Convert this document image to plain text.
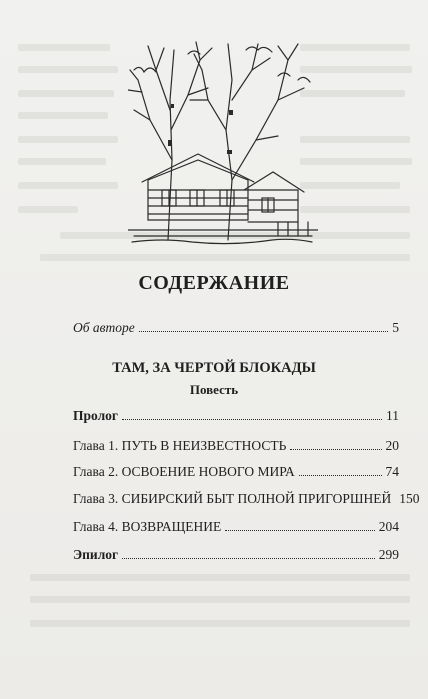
СОДЕРЖАНИЕ
Об авторе	5
ТАМ, ЗА ЧЕРТОЙ БЛОКАДЫ
Повесть
Пролог	11
Глава 1. ПУТЬ В НЕИЗВЕСТНОСТЬ	20
Глава 2. ОСВОЕНИЕ НОВОГО МИРА	74
Глава 3. СИБИРСКИЙ БЫТ ПОЛНОЙ ПРИГОРШНЕЙ 150
Глава 4. ВОЗВРАЩЕНИЕ	204
Эпилог	299
